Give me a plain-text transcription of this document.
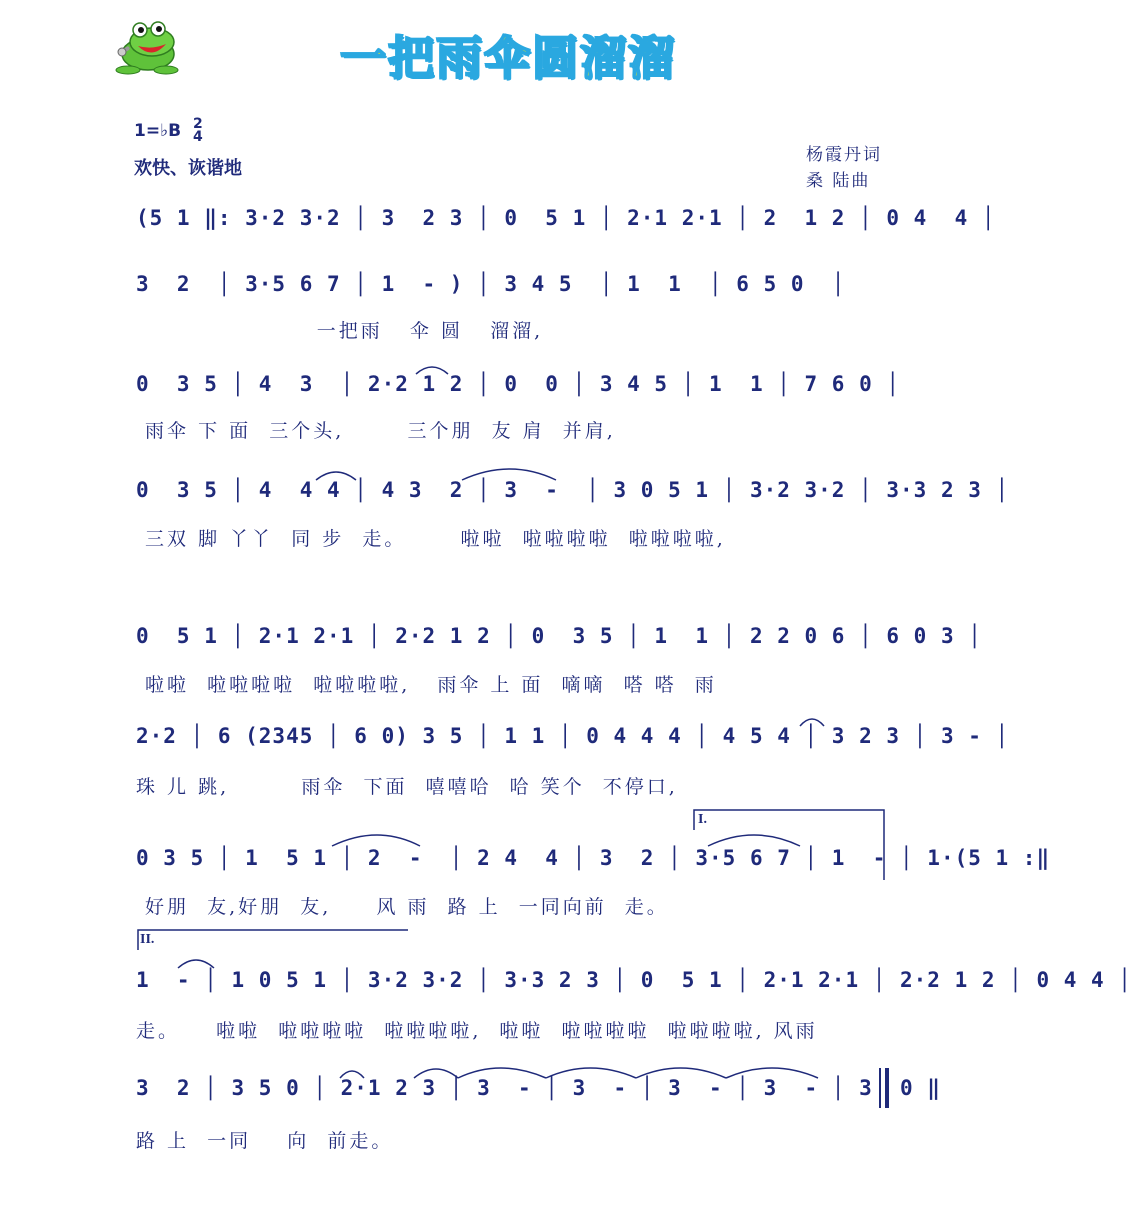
一把雨伞圆溜溜
1=♭B 2
4
欢快、诙谐地
杨霞丹词
桑 陆曲
(5 1 ‖: 3·2 3·2 │ 3  2 3 │ 0  5 1 │ 2·1 2·1 │ 2  1 2 │ 0 4  4 │
3  2  │ 3·5 6 7 │ 1  - ) │ 3 4 5  │ 1  1  │ 6 5 0  │
一把雨   伞 圆   溜溜,
0  3 5 │ 4  3  │ 2·2 1 2 │ 0  0 │ 3 4 5 │ 1  1 │ 7 6 0 │
雨伞 下 面  三个头,       三个朋  友 肩  并肩,
0  3 5 │ 4  4 4 │ 4 3  2 │ 3  -  │ 3 0 5 1 │ 3·2 3·2 │ 3·3 2 3 │
三双 脚 丫丫  同 步  走。      啦啦  啦啦啦啦  啦啦啦啦,
0  5 1 │ 2·1 2·1 │ 2·2 1 2 │ 0  3 5 │ 1  1 │ 2 2 0 6 │ 6 0 3 │
啦啦  啦啦啦啦  啦啦啦啦,   雨伞 上 面  嘀嘀  嗒 嗒  雨
2·2 │ 6 (2345 │ 6 0) 3 5 │ 1 1 │ 0 4 4 4 │ 4 5 4 │ 3 2 3 │ 3 - │
珠 儿 跳,        雨伞  下面  嘻嘻哈  哈 笑个  不停口,
0 3 5 │ 1  5 1 │ 2  -  │ 2 4  4 │ 3  2 │ 3·5 6 7 │ 1  - │ 1·(5 1 :‖
好朋  友,好朋  友,     风 雨  路 上  一同向前  走。
1  - │ 1 0 5 1 │ 3·2 3·2 │ 3·3 2 3 │ 0  5 1 │ 2·1 2·1 │ 2·2 1 2 │ 0 4 4 │
走。    啦啦  啦啦啦啦  啦啦啦啦,  啦啦  啦啦啦啦  啦啦啦啦, 风雨
3  2 │ 3 5 0 │ 2·1 2 3 │ 3  - │ 3  - │ 3  - │ 3  - │ 3  0 ‖
路 上  一同    向  前走。
I.
II.
